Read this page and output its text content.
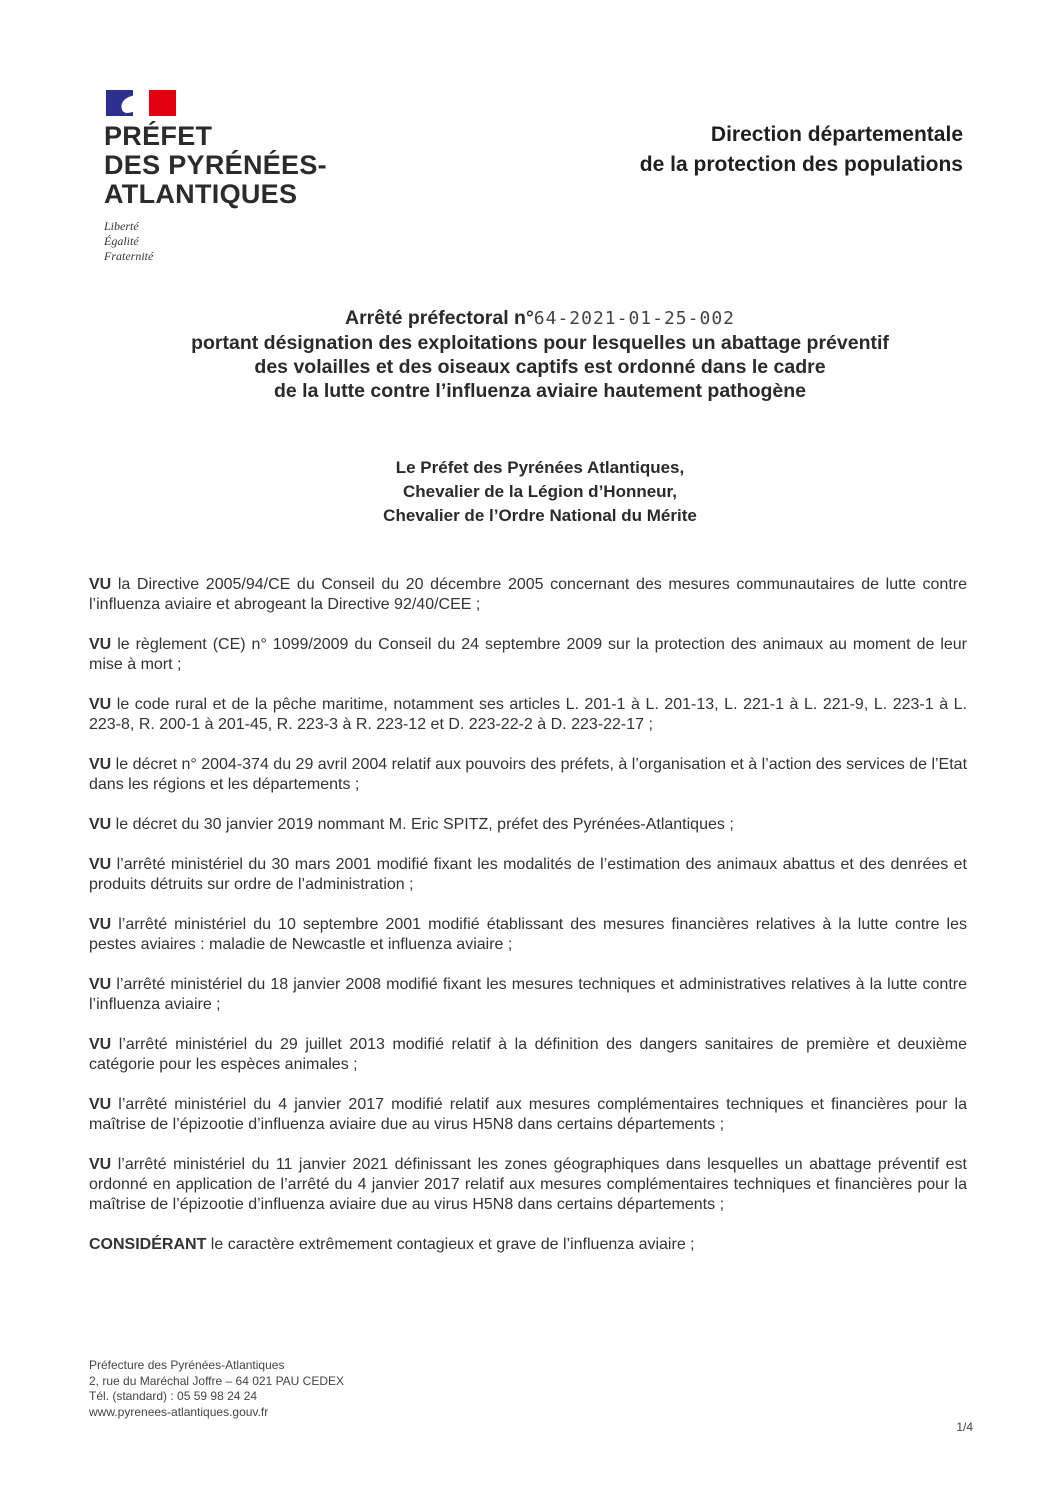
PRÉFET
DES PYRÉNÉES-
ATLANTIQUES
Liberté
Égalité
Fraternité
Direction départementale
de la protection des populations
Arrêté préfectoral n°64-2021-01-25-002
portant désignation des exploitations pour lesquelles un abattage préventif
des volailles et des oiseaux captifs est ordonné dans le cadre
de la lutte contre l’influenza aviaire hautement pathogène
Le Préfet des Pyrénées Atlantiques,
Chevalier de la Légion d’Honneur,
Chevalier de l’Ordre National du Mérite

VU la Directive 2005/94/CE du Conseil du 20 décembre 2005 concernant des mesures communautaires de lutte contre l’influenza aviaire et abrogeant la Directive 92/40/CEE ;

VU le règlement (CE) n° 1099/2009 du Conseil du 24 septembre 2009 sur la protection des animaux au moment de leur mise à mort ;

VU le code rural et de la pêche maritime, notamment ses articles L. 201-1 à L. 201-13, L. 221-1 à L. 221-9, L. 223-1 à L. 223-8, R. 200-1 à 201-45, R. 223-3 à R. 223-12 et D. 223-22-2 à D. 223-22-17 ;

VU le décret n° 2004-374 du 29 avril 2004 relatif aux pouvoirs des préfets, à l’organisation et à l’action des services de l’Etat dans les régions et les départements ;

VU le décret du 30 janvier 2019 nommant M. Eric SPITZ, préfet des Pyrénées-Atlantiques ;

VU l’arrêté ministériel du 30 mars 2001 modifié fixant les modalités de l’estimation des animaux abattus et des denrées et produits détruits sur ordre de l’administration ;

VU l’arrêté ministériel du 10 septembre 2001 modifié établissant des mesures financières relatives à la lutte contre les pestes aviaires : maladie de Newcastle et influenza aviaire ;

VU l’arrêté ministériel du 18 janvier 2008 modifié fixant les mesures techniques et administratives relatives à la lutte contre l’influenza aviaire ;

VU l’arrêté ministériel du 29 juillet 2013 modifié relatif à la définition des dangers sanitaires de première et deuxième catégorie pour les espèces animales ;

VU l’arrêté ministériel du 4 janvier 2017 modifié relatif aux mesures complémentaires techniques et financières pour la maîtrise de l’épizootie d’influenza aviaire due au virus H5N8 dans certains départements ;

VU l’arrêté ministériel du 11 janvier 2021 définissant les zones géographiques dans lesquelles un abattage préventif est ordonné en application de l’arrêté du 4 janvier 2017 relatif aux mesures complémentaires techniques et financières pour la maîtrise de l’épizootie d’influenza aviaire due au virus H5N8 dans certains départements ;

CONSIDÉRANT le caractère extrêmement contagieux et grave de l’influenza aviaire ;

Préfecture des Pyrénées-Atlantiques
2, rue du Maréchal Joffre – 64 021 PAU CEDEX
Tél. (standard) : 05 59 98 24 24
www.pyrenees-atlantiques.gouv.fr
1/4
